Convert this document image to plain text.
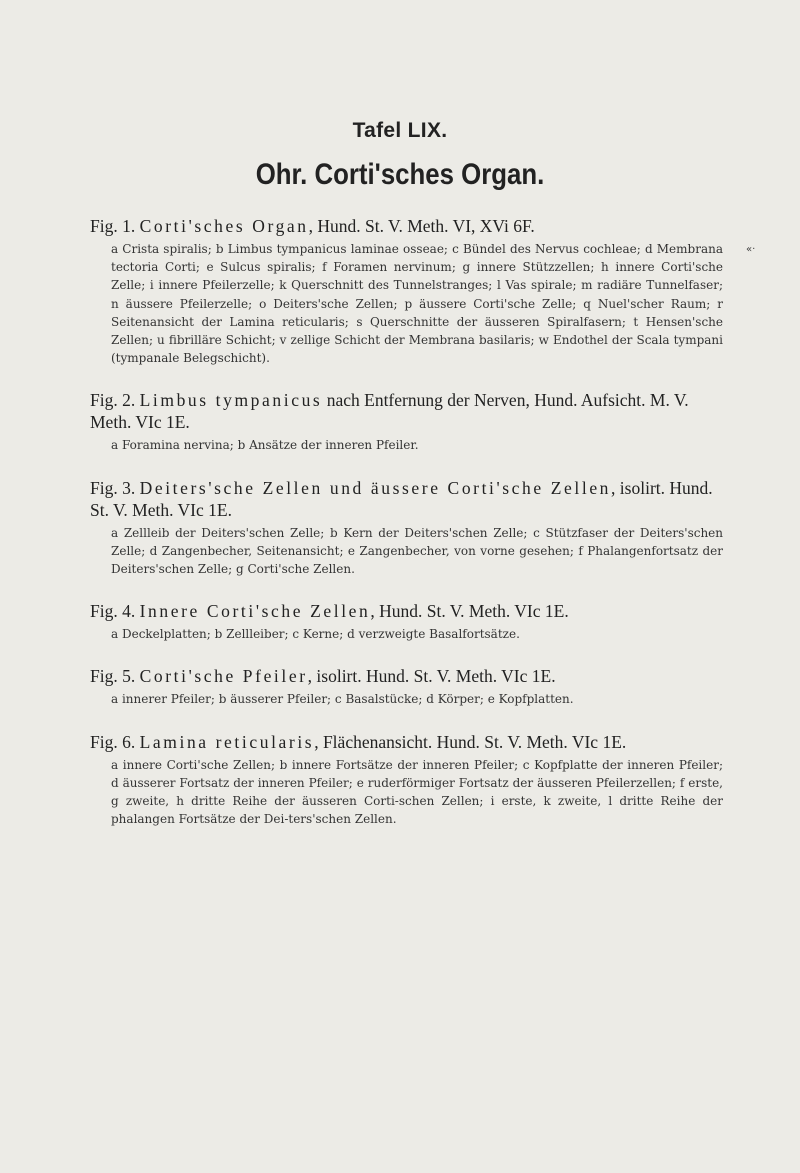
Tafel LIX.
Ohr. Corti'sches Organ.
«·
Fig. 1. Corti'sches Organ, Hund. St. V. Meth. VI, XVi 6F.
a Crista spiralis; b Limbus tympanicus laminae osseae; c Bündel des Nervus cochleae; d Membrana tectoria Corti; e Sulcus spiralis; f Foramen nervinum; g innere Stützzellen; h innere Corti'sche Zelle; i innere Pfeilerzelle; k Querschnitt des Tunnelstranges; l Vas spirale; m radiäre Tunnelfaser; n äussere Pfeilerzelle; o Deiters'sche Zellen; p äussere Corti'sche Zelle; q Nuel'scher Raum; r Seitenansicht der Lamina reticularis; s Querschnitte der äusseren Spiralfasern; t Hensen'sche Zellen; u fibrilläre Schicht; v zellige Schicht der Membrana basilaris; w Endothel der Scala tympani (tympanale Belegschicht).
Fig. 2. Limbus tympanicus nach Entfernung der Nerven, Hund. Aufsicht. M. V. Meth. VIc 1E.
a Foramina nervina; b Ansätze der inneren Pfeiler.
Fig. 3. Deiters'sche Zellen und äussere Corti'sche Zellen, isolirt. Hund. St. V. Meth. VIc 1E.
a Zellleib der Deiters'schen Zelle; b Kern der Deiters'schen Zelle; c Stützfaser der Deiters'schen Zelle; d Zangenbecher, Seitenansicht; e Zangenbecher, von vorne gesehen; f Phalangenfortsatz der Deiters'schen Zelle; g Corti'sche Zellen.
Fig. 4. Innere Corti'sche Zellen, Hund. St. V. Meth. VIc 1E.
a Deckelplatten; b Zellleiber; c Kerne; d verzweigte Basalfortsätze.
Fig. 5. Corti'sche Pfeiler, isolirt. Hund. St. V. Meth. VIc 1E.
a innerer Pfeiler; b äusserer Pfeiler; c Basalstücke; d Körper; e Kopfplatten.
Fig. 6. Lamina reticularis, Flächenansicht. Hund. St. V. Meth. VIc 1E.
a innere Corti'sche Zellen; b innere Fortsätze der inneren Pfeiler; c Kopfplatte der inneren Pfeiler; d äusserer Fortsatz der inneren Pfeiler; e ruderförmiger Fortsatz der äusseren Pfeilerzellen; f erste, g zweite, h dritte Reihe der äusseren Corti-schen Zellen; i erste, k zweite, l dritte Reihe der phalangen Fortsätze der Dei-ters'schen Zellen.
